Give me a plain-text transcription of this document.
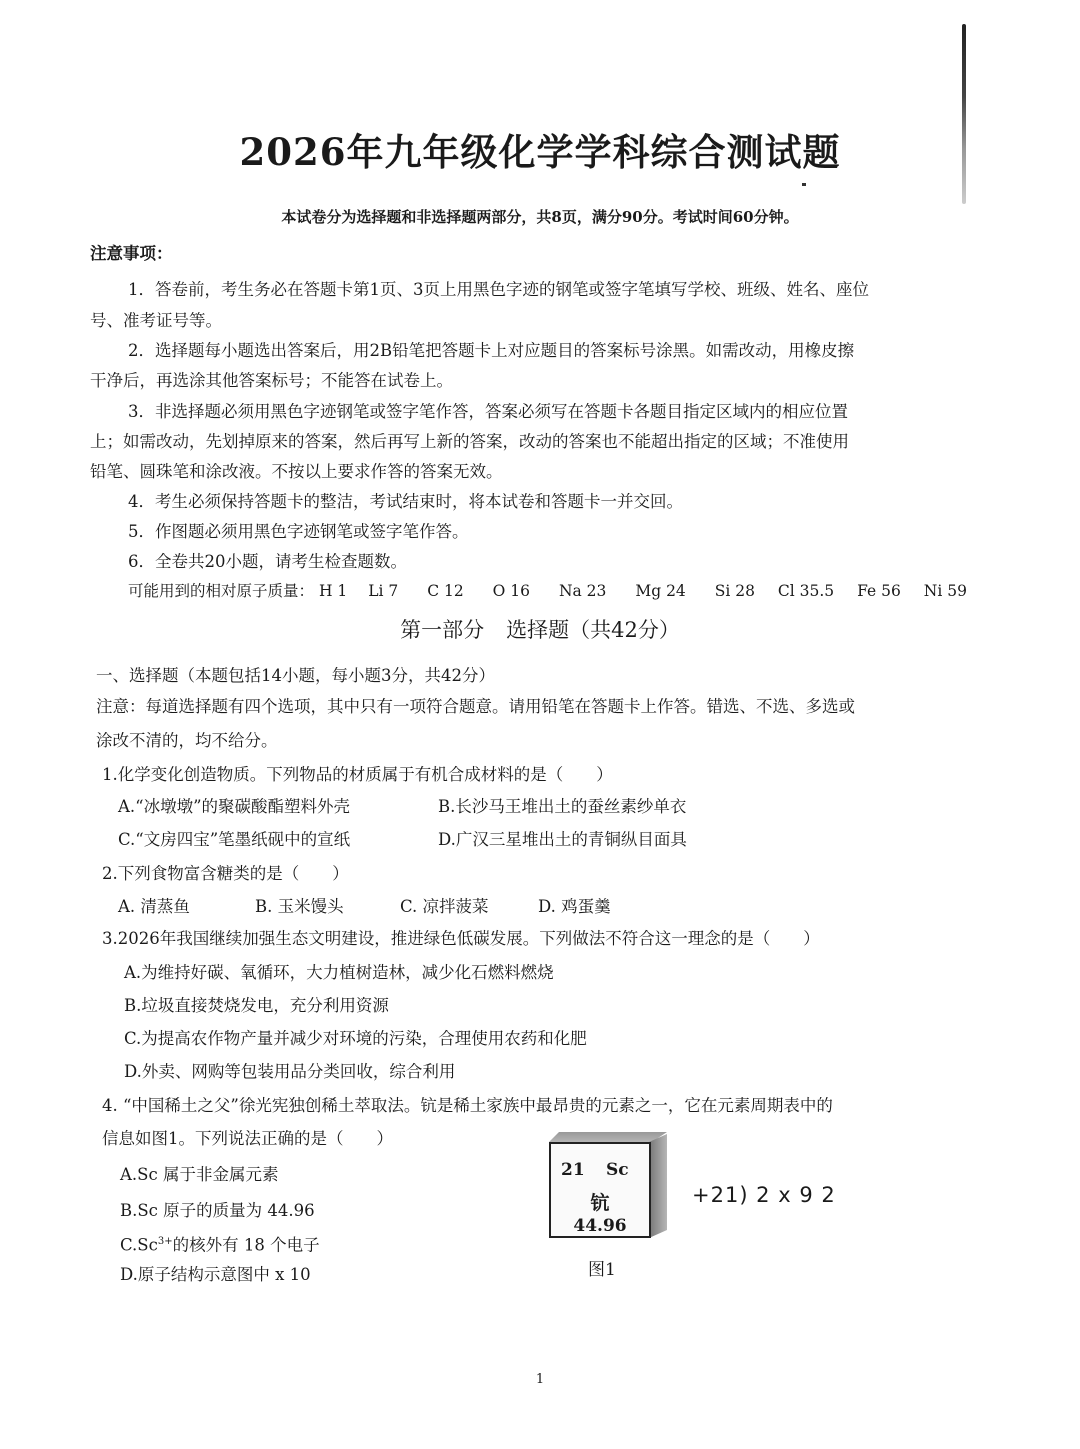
2026年九年级化学学科综合测试题
本试卷分为选择题和非选择题两部分，共8页，满分90分。考试时间60分钟。
注意事项：
1．答卷前，考生务必在答题卡第1页、3页上用黑色字迹的钢笔或签字笔填写学校、班级、姓名、座位
号、准考证号等。
2．选择题每小题选出答案后，用2B铅笔把答题卡上对应题目的答案标号涂黑。如需改动，用橡皮擦
干净后，再选涂其他答案标号；不能答在试卷上。
3．非选择题必须用黑色字迹钢笔或签字笔作答，答案必须写在答题卡各题目指定区域内的相应位置
上；如需改动，先划掉原来的答案，然后再写上新的答案，改动的答案也不能超出指定的区域；不准使用
铅笔、圆珠笔和涂改液。不按以上要求作答的答案无效。
4．考生必须保持答题卡的整洁，考试结束时，将本试卷和答题卡一并交回。
5．作图题必须用黑色字迹钢笔或签字笔作答。
6．全卷共20小题，请考生检查题数。
可能用到的相对原子质量： H 1 Li 7 C 12 O 16 Na 23 Mg 24 Si 28 Cl 35.5 Fe 56 Ni 59
第一部分 选择题（共42分）
一、选择题（本题包括14小题，每小题3分，共42分）
注意：每道选择题有四个选项，其中只有一项符合题意。请用铅笔在答题卡上作答。错选、不选、多选或
涂改不清的，均不给分。
1.化学变化创造物质。下列物品的材质属于有机合成材料的是（　　）
A.“冰墩墩”的聚碳酸酯塑料外壳	B.长沙马王堆出土的蚕丝素纱单衣
C.“文房四宝”笔墨纸砚中的宣纸	D.广汉三星堆出土的青铜纵目面具
2.下列食物富含糖类的是（　　）
A. 清蒸鱼	B. 玉米馒头	C. 凉拌菠菜	D. 鸡蛋羹
3.2026年我国继续加强生态文明建设，推进绿色低碳发展。下列做法不符合这一理念的是（　　）
A.为维持好碳、氧循环，大力植树造林，减少化石燃料燃烧
B.垃圾直接焚烧发电，充分利用资源
C.为提高农作物产量并减少对环境的污染，合理使用农药和化肥
D.外卖、网购等包装用品分类回收，综合利用
4. “中国稀土之父”徐光宪独创稀土萃取法。钪是稀土家族中最昂贵的元素之一，它在元素周期表中的
信息如图1。下列说法正确的是（　　）
A.Sc 属于非金属元素
B.Sc 原子的质量为 44.96
$C.Sc^{3+}$的核外有 18 个电子
D.原子结构示意图中 x 10
21 Sc
钪
44.96
+21) 2 x 9 2
图1
1
